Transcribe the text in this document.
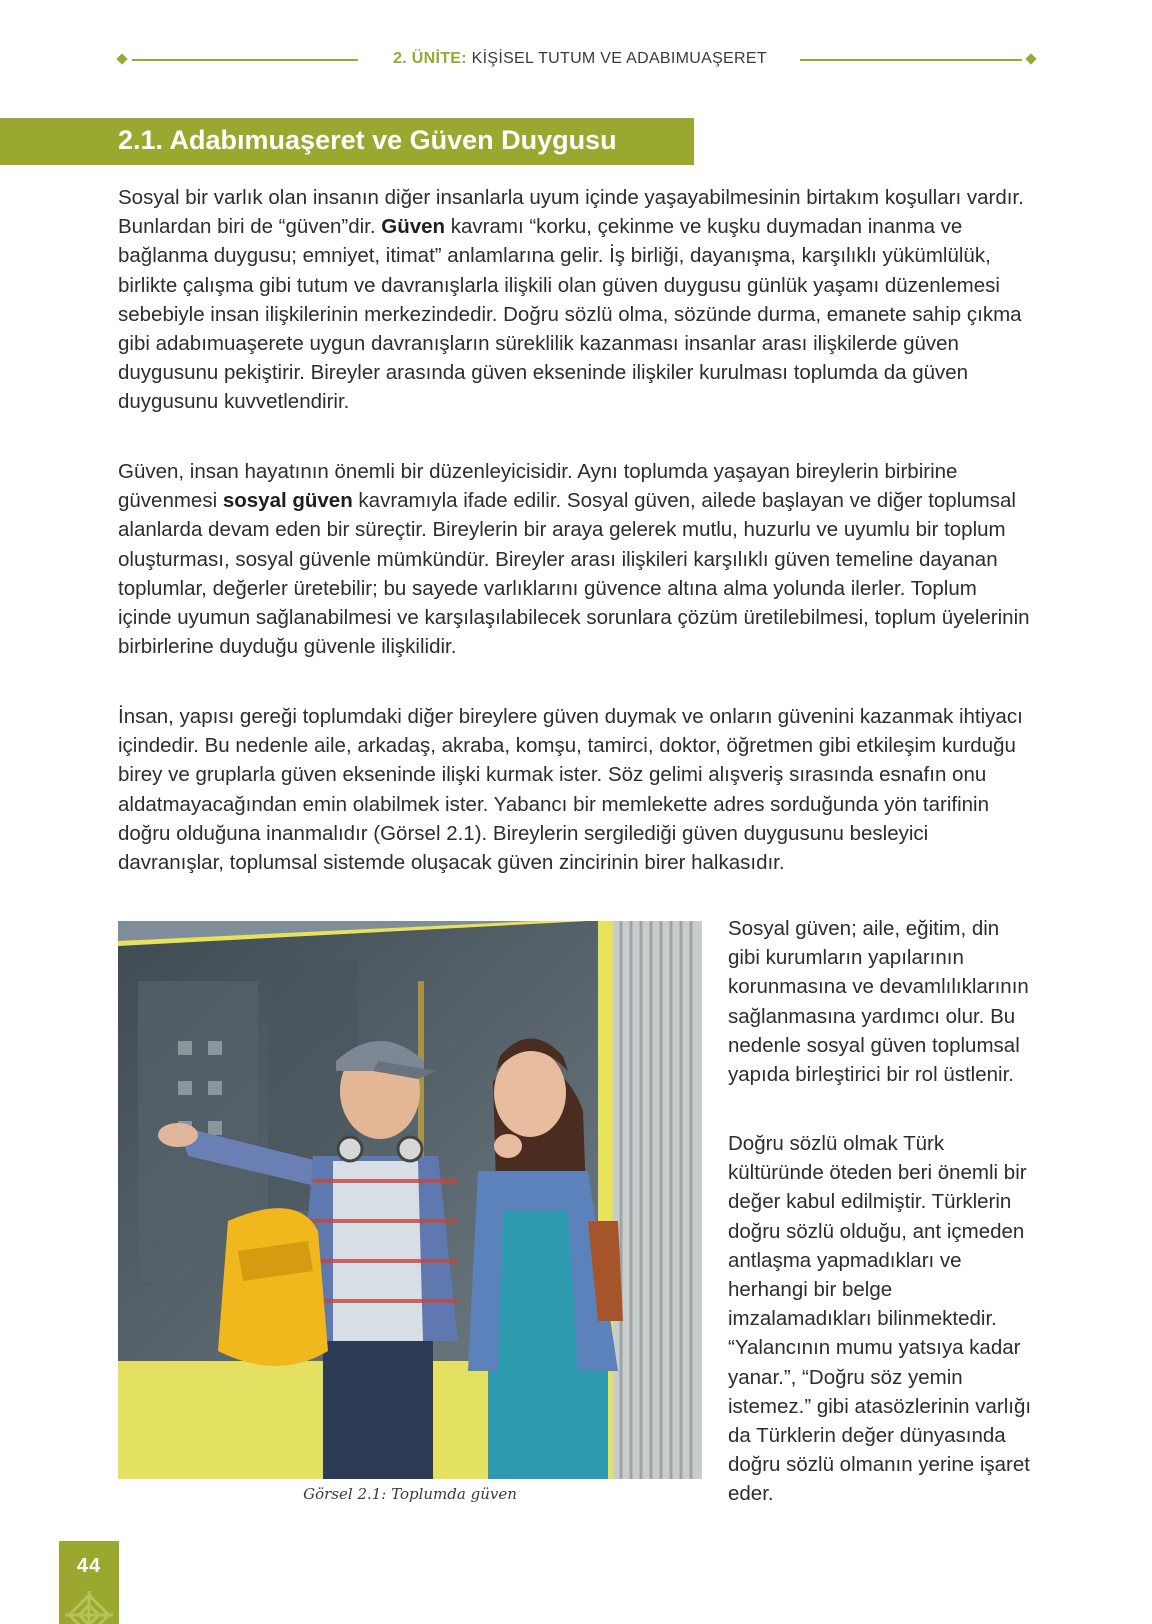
2. ÜNİTE: KİŞİSEL TUTUM VE ADABIMUAŞERET
2.1. Adabımuaşeret ve Güven Duygusu

Sosyal bir varlık olan insanın diğer insanlarla uyum içinde yaşayabilmesinin birtakım koşulları vardır. Bunlardan biri de “güven”dir. Güven kavramı “korku, çekinme ve kuşku duymadan inanma ve bağlanma duygusu; emniyet, itimat” anlamlarına gelir. İş birliği, dayanışma, karşılıklı yükümlülük, birlikte çalışma gibi tutum ve davranışlarla ilişkili olan güven duygusu günlük yaşamı düzenlemesi sebebiyle insan ilişkilerinin merkezindedir. Doğru sözlü olma, sözünde durma, emanete sahip çıkma gibi adabımuaşerete uygun davranışların süreklilik kazanması insanlar arası ilişkilerde güven duygusunu pekiştirir. Bireyler arasında güven ekseninde ilişkiler kurulması toplumda da güven duygusunu kuvvetlendirir.

Güven, insan hayatının önemli bir düzenleyicisidir. Aynı toplumda yaşayan bireylerin birbirine güvenmesi sosyal güven kavramıyla ifade edilir. Sosyal güven, ailede başlayan ve diğer toplumsal alanlarda devam eden bir süreçtir. Bireylerin bir araya gelerek mutlu, huzurlu ve uyumlu bir toplum oluşturması, sosyal güvenle mümkündür. Bireyler arası ilişkileri karşılıklı güven temeline dayanan toplumlar, değerler üretebilir; bu sayede varlıklarını güvence altına alma yolunda ilerler. Toplum içinde uyumun sağlanabilmesi ve karşılaşılabilecek sorunlara çözüm üretilebilmesi, toplum üyelerinin birbirlerine duyduğu güvenle ilişkilidir.

İnsan, yapısı gereği toplumdaki diğer bireylere güven duymak ve onların güvenini kazanmak ihtiyacı içindedir. Bu nedenle aile, arkadaş, akraba, komşu, tamirci, doktor, öğretmen gibi etkileşim kurduğu birey ve gruplarla güven ekseninde ilişki kurmak ister. Söz gelimi alışveriş sırasında esnafın onu aldatmayacağından emin olabilmek ister. Yabancı bir memlekette adres sorduğunda yön tarifinin doğru olduğuna inanmalıdır (Görsel 2.1). Bireylerin sergilediği güven duygusunu besleyici davranışlar, toplumsal sistemde oluşacak güven zincirinin birer halkasıdır.

Görsel 2.1: Toplumda güven

Sosyal güven; aile, eğitim, din gibi kurumların yapılarının korunmasına ve devamlılıklarının sağlanmasına yardımcı olur. Bu nedenle sosyal güven toplumsal yapıda birleştirici bir rol üstlenir.

Doğru sözlü olmak Türk kültüründe öteden beri önemli bir değer kabul edilmiştir. Türklerin doğru sözlü olduğu, ant içmeden antlaşma yapmadıkları ve herhangi bir belge imzalamadıkları bilinmektedir. “Yalancının mumu yatsıya kadar yanar.”, “Doğru söz yemin istemez.” gibi atasözlerinin varlığı da Türklerin değer dünyasında doğru sözlü olmanın yerine işaret eder.

44
